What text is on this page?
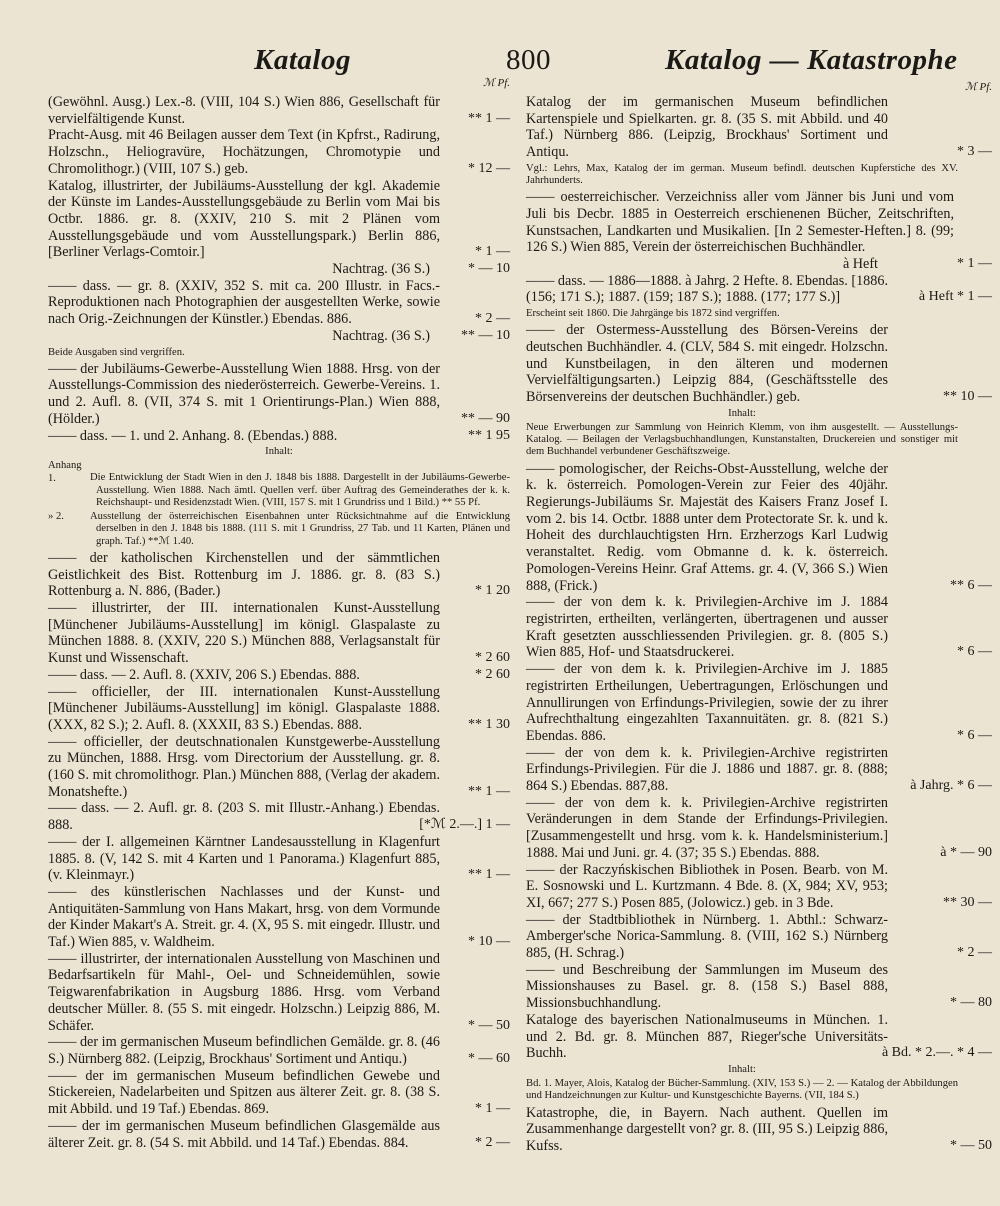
Katalog	800	Katalog — Katastrophe
ℳ Pf.	ℳ Pf.
(Gewöhnl. Ausg.) Lex.-8. (VIII, 104 S.) Wien 886, Gesellschaft für vervielfältigende Kunst.	** 1 —
Pracht-Ausg. mit 46 Beilagen ausser dem Text (in Kpfrst., Radirung, Holzschn., Heliogravüre, Hochätzungen, Chromotypie und Chromolithogr.) (VIII, 107 S.) geb.	* 12 —
Katalog, illustrirter, der Jubiläums-Ausstellung der kgl. Akademie der Künste im Landes-Ausstellungsgebäude zu Berlin vom Mai bis Octbr. 1886. gr. 8. (XXIV, 210 S. mit 2 Plänen vom Ausstellungsgebäude und vom Ausstellungspark.) Berlin 886, [Berliner Verlags-Comtoir.]	* 1 —
Nachtrag. (36 S.)	* — 10
—— dass. — gr. 8. (XXIV, 352 S. mit ca. 200 Illustr. in Facs.-Reproduktionen nach Photographien der ausgestellten Werke, sowie nach Orig.-Zeichnungen der Künstler.) Ebendas. 886.	* 2 —
Nachtrag. (36 S.) ** — 10
Beide Ausgaben sind vergriffen.
—— der Jubiläums-Gewerbe-Ausstellung Wien 1888. Hrsg. von der Ausstellungs-Commission des niederösterreich. Gewerbe-Vereins. 1. und 2. Aufl. 8. (VII, 374 S. mit 1 Orientirungs-Plan.) Wien 888, (Hölder.)	** — 90
—— dass. — 1. und 2. Anhang. 8. (Ebendas.) 888.	** 1 95
Inhalt:
Anhang 1.	Die Entwicklung der Stadt Wien in den J. 1848 bis 1888. Dargestellt in der Jubiläums-Gewerbe-Ausstellung. Wien 1888. Nach ämtl. Quellen verf. über Auftrag des Gemeinderathes der k. k. Reichshaupt- und Residenzstadt Wien. (VIII, 157 S. mit 1 Grundriss und 1 Bild.) ** 55 Pf.
» 2. Ausstellung der österreichischen Eisenbahnen unter Rücksichtnahme auf die Entwicklung derselben in den J. 1848 bis 1888. (111 S. mit 1 Grundriss, 27 Tab. und 11 Karten, Plänen und graph. Taf.) **ℳ 1.40.
—— der katholischen Kirchenstellen und der sämmtlichen Geistlichkeit des Bist. Rottenburg im J. 1886. gr. 8. (83 S.) Rottenburg a. N. 886, (Bader.)	* 1 20
—— illustrirter, der III. internationalen Kunst-Ausstellung [Münchener Jubiläums-Ausstellung] im königl. Glaspalaste zu München 1888. 8. (XXIV, 220 S.) München 888, Verlagsanstalt für Kunst und Wissenschaft.	* 2 60
—— dass. — 2. Aufl. 8. (XXIV, 206 S.) Ebendas. 888.	* 2 60
—— officieller, der III. internationalen Kunst-Ausstellung [Münchener Jubiläums-Ausstellung] im königl. Glaspalaste 1888. (XXX, 82 S.); 2. Aufl. 8. (XXXII, 83 S.) Ebendas. 888.	** 1 30
—— officieller, der deutschnationalen Kunstgewerbe-Ausstellung zu München, 1888. Hrsg. vom Directorium der Ausstellung. gr. 8. (160 S. mit chromolithogr. Plan.) München 888, (Verlag der akadem. Monatshefte.)	** 1 —
—— dass. — 2. Aufl. gr. 8. (203 S. mit Illustr.-Anhang.) Ebendas. 888.	[*ℳ 2.—.] 1 —
—— der I. allgemeinen Kärntner Landesausstellung in Klagenfurt 1885. 8. (V, 142 S. mit 4 Karten und 1 Panorama.) Klagenfurt 885, (v. Kleinmayr.)	** 1 —
—— des künstlerischen Nachlasses und der Kunst- und Antiquitäten-Sammlung von Hans Makart, hrsg. von dem Vormunde der Kinder Makart's A. Streit. gr. 4. (X, 95 S. mit eingedr. Illustr. und Taf.) Wien 885, v. Waldheim.	* 10 —
—— illustrirter, der internationalen Ausstellung von Maschinen und Bedarfsartikeln für Mahl-, Oel- und Schneidemühlen, sowie Teigwarenfabrikation in Augsburg 1886. Hrsg. vom Verband deutscher Müller. 8. (55 S. mit eingedr. Holzschn.) Leipzig 886, M. Schäfer.	* — 50
—— der im germanischen Museum befindlichen Gemälde. gr. 8. (46 S.) Nürnberg 882. (Leipzig, Brockhaus' Sortiment und Antiqu.)	* — 60
—— der im germanischen Museum befindlichen Gewebe und Stickereien, Nadelarbeiten und Spitzen aus älterer Zeit. gr. 8. (38 S. mit Abbild. und 19 Taf.) Ebendas. 869.	* 1 —
—— der im germanischen Museum befindlichen Glasgemälde aus älterer Zeit. gr. 8. (54 S. mit Abbild. und 14 Taf.) Ebendas. 884.	* 2 —
Katalog der im germanischen Museum befindlichen Kartenspiele und Spielkarten. gr. 8. (35 S. mit Abbild. und 40 Taf.) Nürnberg 886. (Leipzig, Brockhaus' Sortiment und Antiqu.	* 3 —
Vgl.: Lehrs, Max, Katalog der im german. Museum befindl. deutschen Kupferstiche des XV. Jahrhunderts.
—— oesterreichischer. Verzeichniss aller vom Jänner bis Juni und vom Juli bis Decbr. 1885 in Oesterreich erschienenen Bücher, Zeitschriften, Kunstsachen, Landkarten und Musikalien. [In 2 Semester-Heften.] 8. (99; 126 S.) Wien 885, Verein der österreichischen Buchhändler.
à Heft	* 1 —
—— dass. — 1886—1888. à Jahrg. 2 Hefte. 8. Ebendas. [1886. (156; 171 S.); 1887. (159; 187 S.); 1888. (177; 177 S.)]	à Heft * 1 —
Erscheint seit 1860. Die Jahrgänge bis 1872 sind vergriffen.
—— der Ostermess-Ausstellung des Börsen-Vereins der deutschen Buchhändler. 4. (CLV, 584 S. mit eingedr. Holzschn. und Kunstbeilagen, in den älteren und modernen Vervielfältigungsarten.) Leipzig 884, (Geschäftsstelle des Börsenvereins der deutschen Buchhändler.) geb.	** 10 —
Inhalt:
Neue Erwerbungen zur Sammlung von Heinrich Klemm, von ihm ausgestellt. — Ausstellungs-Katalog. — Beilagen der Verlagsbuchhandlungen, Kunstanstalten, Druckereien und sonstiger mit dem Buchhandel verbundener Geschäftszweige.
—— pomologischer, der Reichs-Obst-Ausstellung, welche der k. k. österreich. Pomologen-Verein zur Feier des 40jähr. Regierungs-Jubiläums Sr. Majestät des Kaisers Franz Josef I. vom 2. bis 14. Octbr. 1888 unter dem Protectorate Sr. k. und k. Hoheit des durchlauchtigsten Hrn. Erzherzogs Karl Ludwig veranstaltet. Redig. vom Obmanne d. k. k. österreich. Pomologen-Vereins Heinr. Graf Attems. gr. 4. (V, 366 S.) Wien 888, (Frick.)	** 6 —
—— der von dem k. k. Privilegien-Archive im J. 1884 registrirten, ertheilten, verlängerten, übertragenen und ausser Kraft gesetzten ausschliessenden Privilegien. gr. 8. (805 S.) Wien 885, Hof- und Staatsdruckerei.	* 6 —
—— der von dem k. k. Privilegien-Archive im J. 1885 registrirten Ertheilungen, Uebertragungen, Erlöschungen und Annullirungen von Erfindungs-Privilegien, sowie der zu ihrer Aufrechthaltung eingezahlten Taxannuitäten. gr. 8. (821 S.) Ebendas. 886.	* 6 —
—— der von dem k. k. Privilegien-Archive registrirten Erfindungs-Privilegien. Für die J. 1886 und 1887. gr. 8. (888; 864 S.) Ebendas. 887,88.	à Jahrg. * 6 —
—— der von dem k. k. Privilegien-Archive registrirten Veränderungen in dem Stande der Erfindungs-Privilegien. [Zusammengestellt und hrsg. vom k. k. Handelsministerium.] 1888. Mai und Juni. gr. 4. (37; 35 S.) Ebendas. 888.	à * — 90
—— der Raczyńskischen Bibliothek in Posen. Bearb. von M. E. Sosnowski und L. Kurtzmann. 4 Bde. 8. (X, 984; XV, 953; XI, 667; 277 S.) Posen 885, (Jolowicz.) geb. in 3 Bde.	** 30 —
—— der Stadtbibliothek in Nürnberg. 1. Abthl.: Schwarz-Amberger'sche Norica-Sammlung. 8. (VIII, 162 S.) Nürnberg 885, (H. Schrag.)	* 2 —
—— und Beschreibung der Sammlungen im Museum des Missionshauses zu Basel. gr. 8. (158 S.) Basel 888, Missionsbuchhandlung.	* — 80
Kataloge des bayerischen Nationalmuseums in München. 1. und 2. Bd. gr. 8. München 887, Rieger'sche Universitäts-Buchh.	à Bd. * 2.—. * 4 —
Inhalt:
Bd. 1. Mayer, Alois, Katalog der Bücher-Sammlung. (XIV, 153 S.) — 2. — Katalog der Abbildungen und Handzeichnungen zur Kultur- und Kunstgeschichte Bayerns. (VII, 184 S.)
Katastrophe, die, in Bayern. Nach authent. Quellen im Zusammenhange dargestellt von? gr. 8. (III, 95 S.) Leipzig 886, Kufss.	* — 50
